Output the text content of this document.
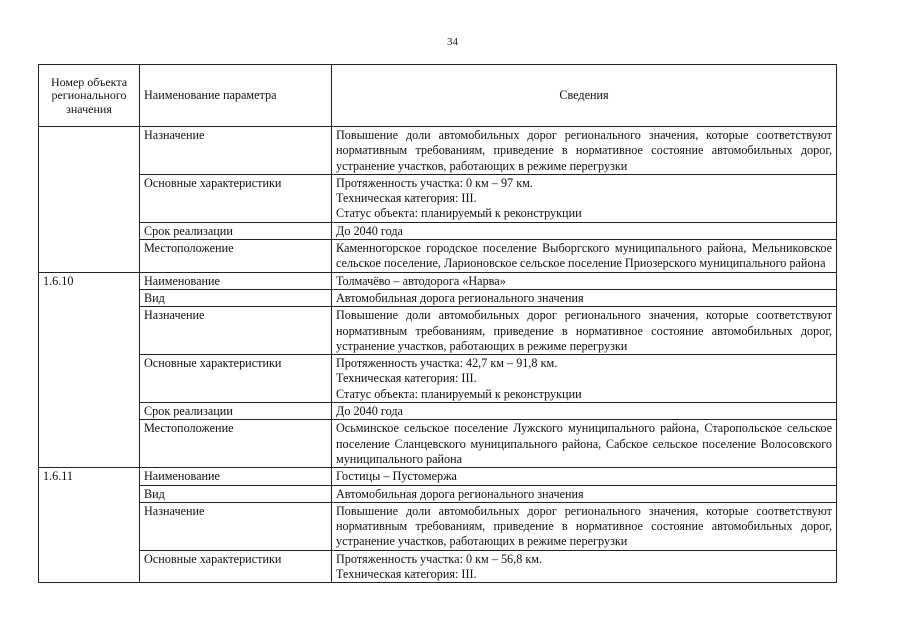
34
Номер объекта регионального значения	Наименование параметра	Сведения
	Назначение	Повышение доли автомобильных дорог регионального значения, которые соответствуют нормативным требованиям, приведение в нормативное состояние автомобильных дорог, устранение участков, работающих в режиме перегрузки
	Основные характеристики	Протяженность участка: 0 км – 97 км.
Техническая категория: III.
Статус объекта: планируемый к реконструкции
	Срок реализации	До 2040 года
	Местоположение	Каменногорское городское поселение Выборгского муниципального района, Мельниковское сельское поселение, Ларионовское сельское поселение Приозерского муниципального района
1.6.10	Наименование	Толмачёво – автодорога «Нарва»
	Вид	Автомобильная дорога регионального значения
	Назначение	Повышение доли автомобильных дорог регионального значения, которые соответствуют нормативным требованиям, приведение в нормативное состояние автомобильных дорог, устранение участков, работающих в режиме перегрузки
	Основные характеристики	Протяженность участка: 42,7 км – 91,8 км.
Техническая категория: III.
Статус объекта: планируемый к реконструкции
	Срок реализации	До 2040 года
	Местоположение	Осьминское сельское поселение Лужского муниципального района, Старопольское сельское поселение Сланцевского муниципального района, Сабское сельское поселение Волосовского муниципального района
1.6.11	Наименование	Гостицы – Пустомержа
	Вид	Автомобильная дорога регионального значения
	Назначение	Повышение доли автомобильных дорог регионального значения, которые соответствуют нормативным требованиям, приведение в нормативное состояние автомобильных дорог, устранение участков, работающих в режиме перегрузки
	Основные характеристики	Протяженность участка: 0 км – 56,8 км.
Техническая категория: III.
